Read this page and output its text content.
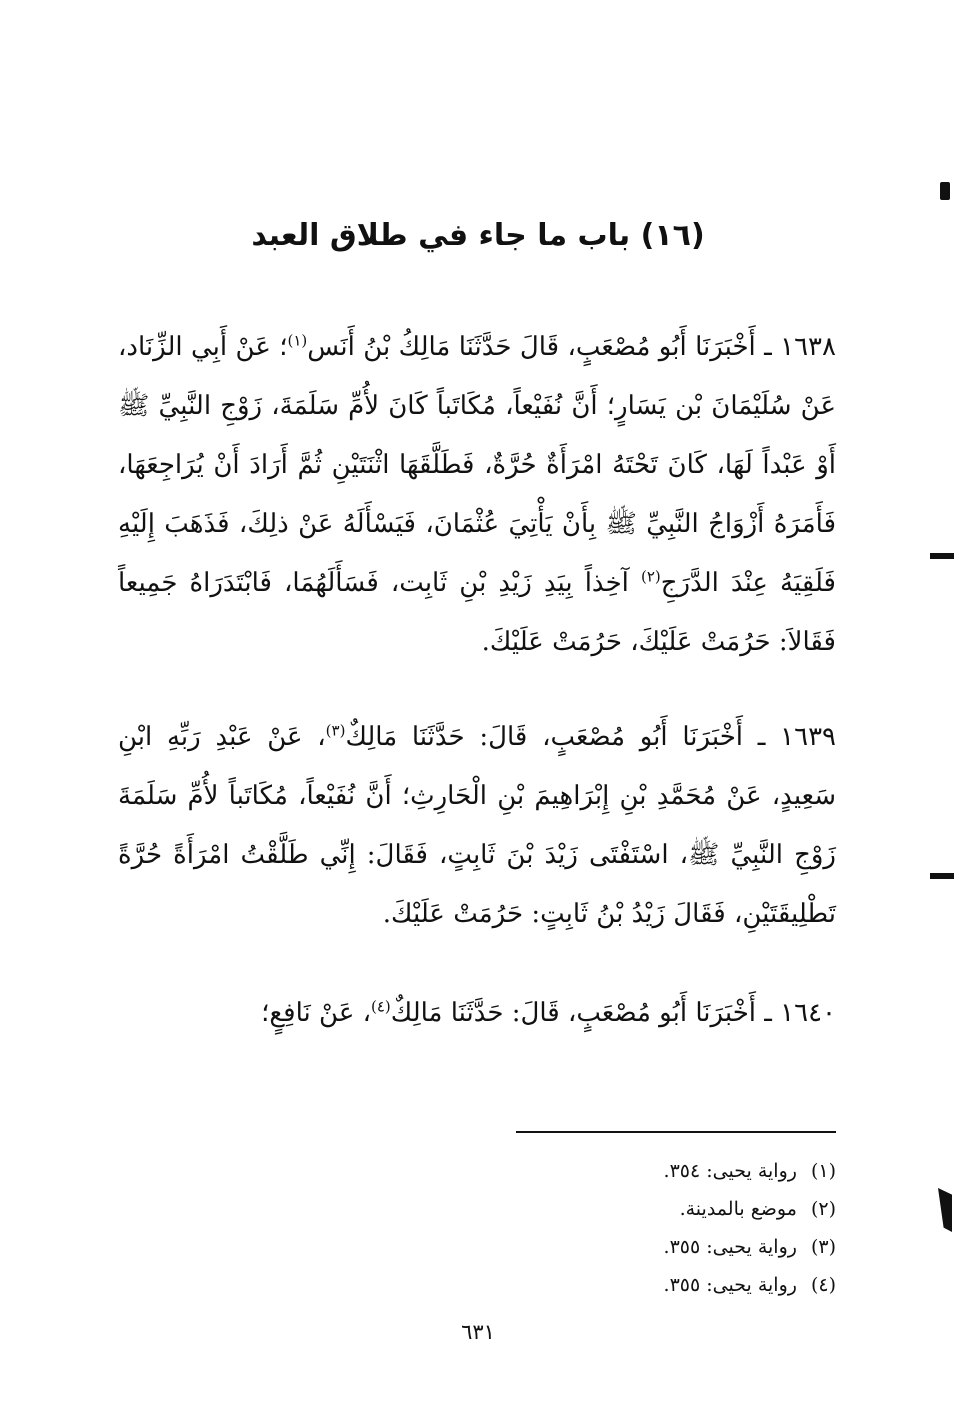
(١٦) باب ما جاء في طلاق العبد

١٦٣٨ ـ أَخْبَرَنَا أَبُو مُصْعَبٍ، قَالَ حَدَّثَنَا مَالِكُ بْنُ أَنَس$^{(١)}$؛ عَنْ أَبِي الزِّنَاد، عَنْ سُلَيْمَانَ بْن يَسَارٍ؛ أَنَّ نُفَيْعاً، مُكَاتَباً كَانَ لأُمِّ سَلَمَةَ، زَوْجِ النَّبِيِّ ﷺ أَوْ عَبْداً لَهَا، كَانَ تَحْتَهُ امْرَأَةٌ حُرَّةٌ، فَطَلَّقَهَا اثْنَتَيْنِ ثُمَّ أَرَادَ أَنْ يُرَاجِعَهَا، فَأَمَرَهُ أَزْوَاجُ النَّبِيِّ ﷺ بِأَنْ يَأْتِيَ عُثْمَانَ، فَيَسْأَلَهُ عَنْ ذلِكَ، فَذَهَبَ إِلَيْهِ فَلَقِيَهُ عِنْدَ الدَّرَجِ$^{(٢)}$ آخِذاً بِيَدِ زَيْدِ بْنِ ثَابِت، فَسَأَلَهُمَا، فَابْتَدَرَاهُ جَمِيعاً فَقَالاَ: حَرُمَتْ عَلَيْكَ، حَرُمَتْ عَلَيْكَ.

١٦٣٩ ـ أَخْبَرَنَا أَبُو مُصْعَبٍ، قَالَ: حَدَّثَنَا مَالِكٌ$^{(٣)}$، عَنْ عَبْدِ رَبِّهِ ابْنِ سَعِيدٍ، عَنْ مُحَمَّدِ بْنِ إِبْرَاهِيمَ بْنِ الْحَارِثِ؛ أَنَّ نُفَيْعاً، مُكَاتَباً لأُمِّ سَلَمَةَ زَوْجِ النَّبِيِّ ﷺ، اسْتَفْتَى زَيْدَ بْنَ ثَابِتٍ، فَقَالَ: إِنِّي طَلَّقْتُ امْرَأَةً حُرَّةً تَطْلِيقَتَيْنِ، فَقَالَ زَيْدُ بْنُ ثَابِتٍ: حَرُمَتْ عَلَيْكَ.

١٦٤٠ ـ أَخْبَرَنَا أَبُو مُصْعَبٍ، قَالَ: حَدَّثَنَا مَالِكٌ$^{(٤)}$، عَنْ نَافِعٍ؛

(١)رواية يحيى: ٣٥٤.
(٢)موضع بالمدينة.
(٣)رواية يحيى: ٣٥٥.
(٤)رواية يحيى: ٣٥٥.
٦٣١
